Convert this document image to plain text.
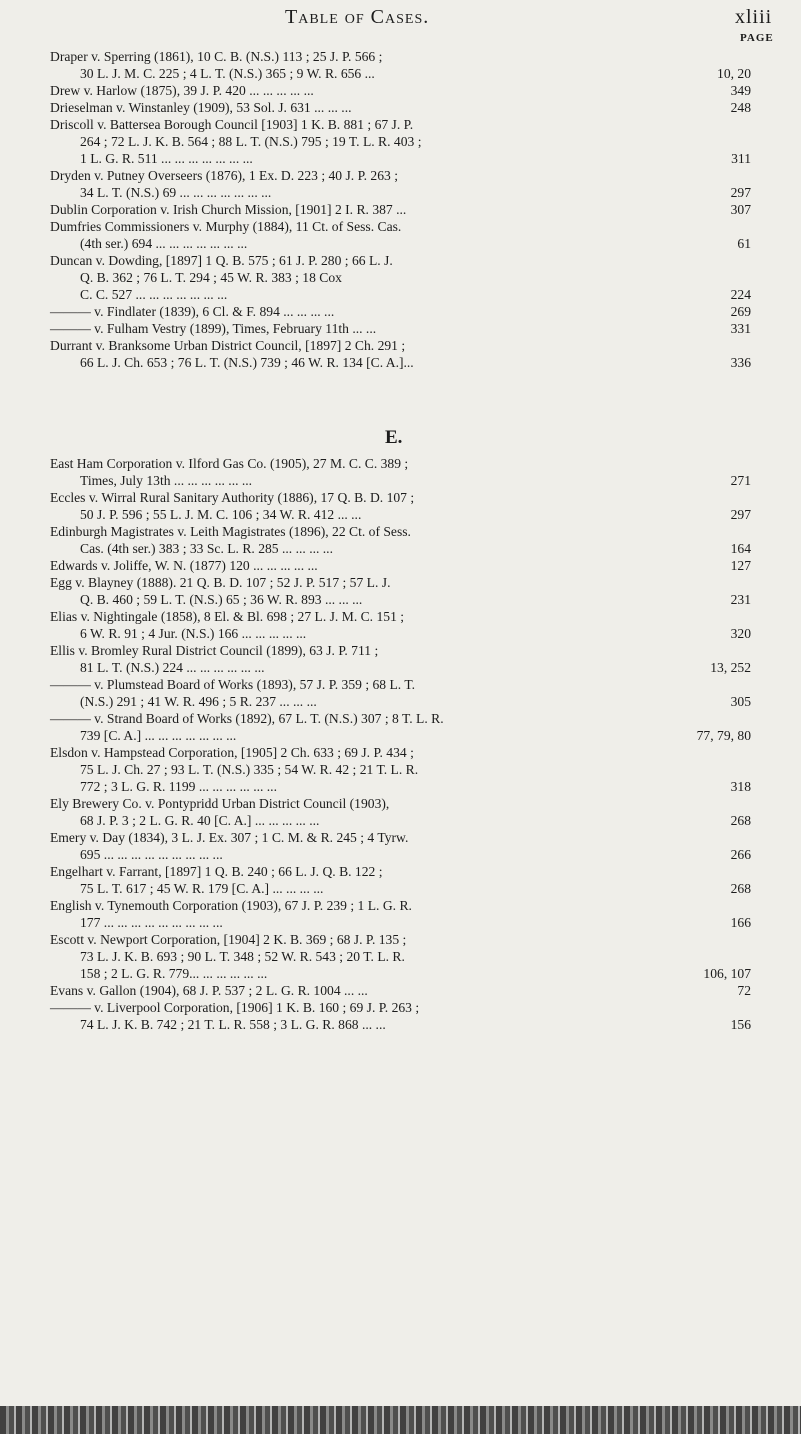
Table of Cases.	xliii
PAGE
Draper v. Sperring (1861), 10 C. B. (N.S.) 113 ; 25 J. P. 566 ;
30 L. J. M. C. 225 ; 4 L. T. (N.S.) 365 ; 9 W. R. 656 ...	10, 20
Drew v. Harlow (1875), 39 J. P. 420 ... ... ... ... ...	349
Drieselman v. Winstanley (1909), 53 Sol. J. 631 ... ... ...	248
Driscoll v. Battersea Borough Council [1903] 1 K. B. 881 ; 67 J. P.
264 ; 72 L. J. K. B. 564 ; 88 L. T. (N.S.) 795 ; 19 T. L. R. 403 ;
1 L. G. R. 511 ... ... ... ... ... ... ...	311
Dryden v. Putney Overseers (1876), 1 Ex. D. 223 ; 40 J. P. 263 ;
34 L. T. (N.S.) 69 ... ... ... ... ... ... ...	297
Dublin Corporation v. Irish Church Mission, [1901] 2 I. R. 387 ...	307
Dumfries Commissioners v. Murphy (1884), 11 Ct. of Sess. Cas.
(4th ser.) 694 ... ... ... ... ... ... ...	61
Duncan v. Dowding, [1897] 1 Q. B. 575 ; 61 J. P. 280 ; 66 L. J.
Q. B. 362 ; 76 L. T. 294 ; 45 W. R. 383 ; 18 Cox
C. C. 527 ... ... ... ... ... ... ...	224
——— v. Findlater (1839), 6 Cl. & F. 894 ... ... ... ...	269
——— v. Fulham Vestry (1899), Times, February 11th ... ...	331
Durrant v. Branksome Urban District Council, [1897] 2 Ch. 291 ;
66 L. J. Ch. 653 ; 76 L. T. (N.S.) 739 ; 46 W. R. 134 [C. A.]...	336
E.
East Ham Corporation v. Ilford Gas Co. (1905), 27 M. C. C. 389 ;
Times, July 13th ... ... ... ... ... ...	271
Eccles v. Wirral Rural Sanitary Authority (1886), 17 Q. B. D. 107 ;
50 J. P. 596 ; 55 L. J. M. C. 106 ; 34 W. R. 412 ... ...	297
Edinburgh Magistrates v. Leith Magistrates (1896), 22 Ct. of Sess.
Cas. (4th ser.) 383 ; 33 Sc. L. R. 285 ... ... ... ...	164
Edwards v. Joliffe, W. N. (1877) 120 ... ... ... ... ...	127
Egg v. Blayney (1888). 21 Q. B. D. 107 ; 52 J. P. 517 ; 57 L. J.
Q. B. 460 ; 59 L. T. (N.S.) 65 ; 36 W. R. 893 ... ... ...	231
Elias v. Nightingale (1858), 8 El. & Bl. 698 ; 27 L. J. M. C. 151 ;
6 W. R. 91 ; 4 Jur. (N.S.) 166 ... ... ... ... ...	320
Ellis v. Bromley Rural District Council (1899), 63 J. P. 711 ;
81 L. T. (N.S.) 224 ... ... ... ... ... ...	13, 252
——— v. Plumstead Board of Works (1893), 57 J. P. 359 ; 68 L. T.
(N.S.) 291 ; 41 W. R. 496 ; 5 R. 237 ... ... ...	305
——— v. Strand Board of Works (1892), 67 L. T. (N.S.) 307 ; 8 T. L. R.
739 [C. A.] ... ... ... ... ... ... ...	77, 79, 80
Elsdon v. Hampstead Corporation, [1905] 2 Ch. 633 ; 69 J. P. 434 ;
75 L. J. Ch. 27 ; 93 L. T. (N.S.) 335 ; 54 W. R. 42 ; 21 T. L. R.
772 ; 3 L. G. R. 1199 ... ... ... ... ... ...	318
Ely Brewery Co. v. Pontypridd Urban District Council (1903),
68 J. P. 3 ; 2 L. G. R. 40 [C. A.] ... ... ... ... ...	268
Emery v. Day (1834), 3 L. J. Ex. 307 ; 1 C. M. & R. 245 ; 4 Tyrw.
695 ... ... ... ... ... ... ... ... ...	266
Engelhart v. Farrant, [1897] 1 Q. B. 240 ; 66 L. J. Q. B. 122 ;
75 L. T. 617 ; 45 W. R. 179 [C. A.] ... ... ... ...	268
English v. Tynemouth Corporation (1903), 67 J. P. 239 ; 1 L. G. R.
177 ... ... ... ... ... ... ... ... ...	166
Escott v. Newport Corporation, [1904] 2 K. B. 369 ; 68 J. P. 135 ;
73 L. J. K. B. 693 ; 90 L. T. 348 ; 52 W. R. 543 ; 20 T. L. R.
158 ; 2 L. G. R. 779... ... ... ... ... ...	106, 107
Evans v. Gallon (1904), 68 J. P. 537 ; 2 L. G. R. 1004 ... ...	72
——— v. Liverpool Corporation, [1906] 1 K. B. 160 ; 69 J. P. 263 ;
74 L. J. K. B. 742 ; 21 T. L. R. 558 ; 3 L. G. R. 868 ... ...	156
